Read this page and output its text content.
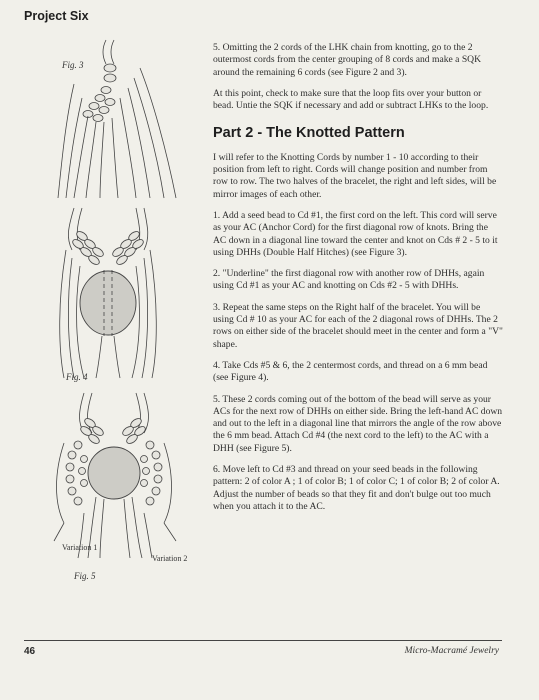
Project Six
Fig. 3
Fig. 4
Variation 1
Variation 2
Fig. 5

5. Omitting the 2 cords of the LHK chain from knotting, go to the 2 outermost cords from the center grouping of 8 cords and make a SQK around the remaining 6 cords (see Figure 2 and 3).

At this point, check to make sure that the loop fits over your button or bead. Untie the SQK if necessary and add or subtract LHKs to the loop.

Part 2 - The Knotted Pattern

I will refer to the Knotting Cords by number 1 - 10 according to their position from left to right. Cords will change position and number from row to row. The two halves of the bracelet, the right and left sides, will be mirror images of each other.

1. Add a seed bead to Cd #1, the first cord on the left. This cord will serve as your AC (Anchor Cord) for the first diagonal row of knots. Bring the AC down in a diagonal line toward the center and knot on Cds # 2 - 5 to it using DHHs (Double Half Hitches) (see Figure 3).

2. "Underline" the first diagonal row with another row of DHHs, again using Cd #1 as your AC and knotting on Cds #2 - 5 with DHHs.

3. Repeat the same steps on the Right half of the bracelet. You will be using Cd # 10 as your AC for each of the 2 diagonal rows of DHHs. The 2 rows on either side of the bracelet should meet in the center and form a "V" shape.

4. Take Cds #5 & 6, the 2 centermost cords, and thread on a 6 mm bead (see Figure 4).

5. These 2 cords coming out of the bottom of the bead will serve as your ACs for the next row of DHHs on either side. Bring the left-hand AC down and out to the left in a diagonal line that mirrors the angle of the row above the 6 mm bead. Attach Cd #4 (the next cord to the left) to the AC with a DHH (see Figure 5).

6. Move left to Cd #3 and thread on your seed beads in the following pattern: 2 of color A ; 1 of color B; 1 of color C; 1 of color B; 2 of color A. Adjust the number of beads so that they fit and don't bulge out too much when you attach it to the AC.

46	Micro-Macramé Jewelry
